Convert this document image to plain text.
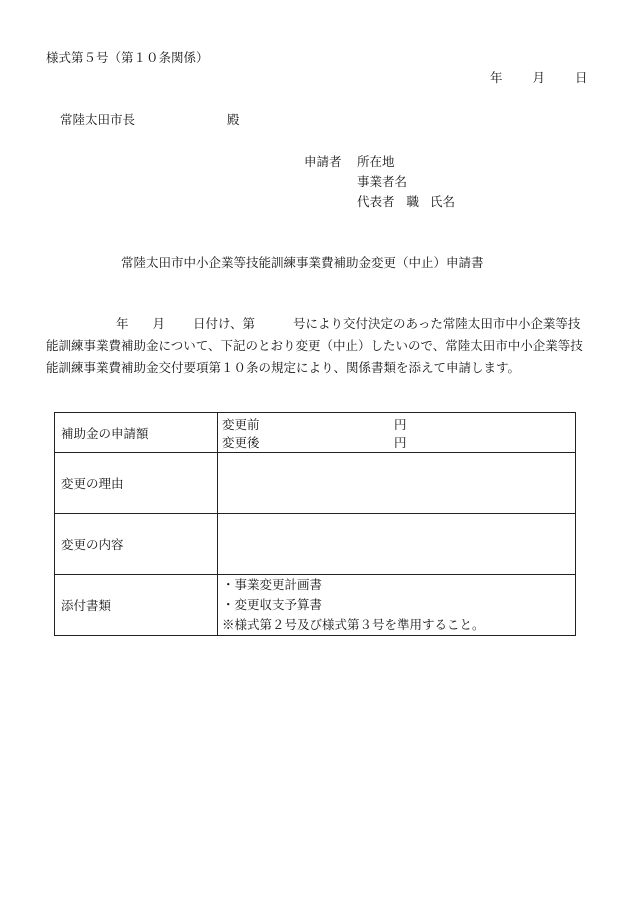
様式第５号（第１０条関係）
年 月 日
常陸太田市長	殿
申請者 所在地
事業者名
代表者 職 氏名
常陸太田市中小企業等技能訓練事業費補助金変更（中止）申請書
年 月 日付け、第	号により交付決定のあった常陸太田市中小企業等技能訓練事業費補助金について、下記のとおり変更（中止）したいので、常陸太田市中小企業等技能訓練事業費補助金交付要項第１０条の規定により、関係書類を添えて申請します。
補助金の申請額	変更前 円
変更後 円

変更の理由	
変更の内容	
添付書類	・事業変更計画書
・変更収支予算書
※様式第２号及び様式第３号を準用すること。
